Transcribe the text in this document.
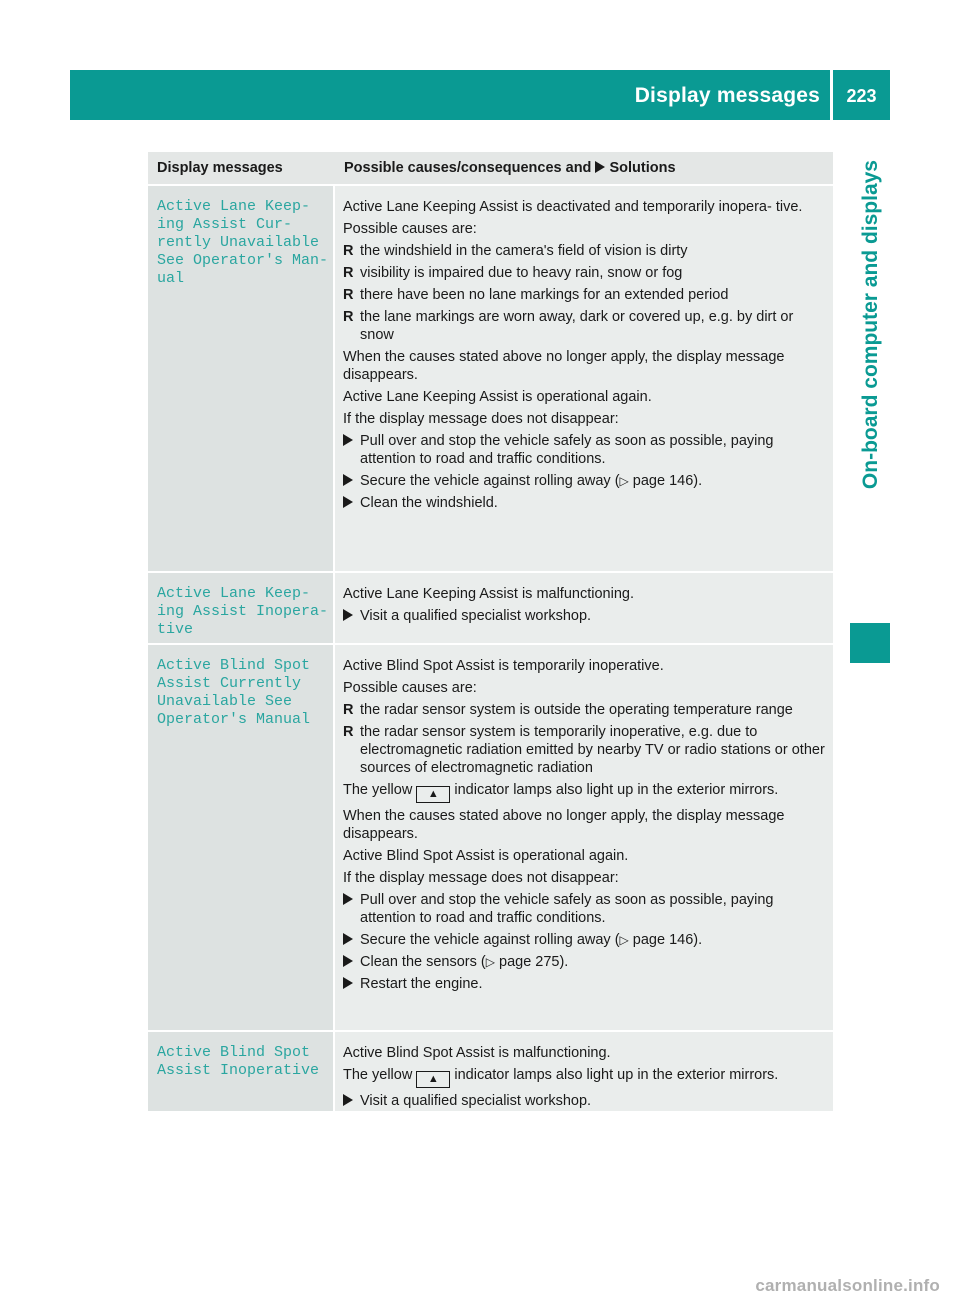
Display messages	223
On-board computer and displays
Display messages	Possible causes/consequences and Solutions
Active Lane Keep‐
ing Assist Cur‐
rently Unavailable
See Operator's Man‐
ual
Active Lane Keeping Assist is deactivated and temporarily inopera‐ tive.
Possible causes are:
R the windshield in the camera's field of vision is dirty
R visibility is impaired due to heavy rain, snow or fog
R there have been no lane markings for an extended period
R the lane markings are worn away, dark or covered up, e.g. by dirt or snow
When the causes stated above no longer apply, the display message disappears.
Active Lane Keeping Assist is operational again.
If the display message does not disappear:
Pull over and stop the vehicle safely as soon as possible, paying attention to road and traffic conditions.
Secure the vehicle against rolling away (▷ page 146).
Clean the windshield.
Active Lane Keep‐
ing Assist Inopera‐
tive
Active Lane Keeping Assist is malfunctioning.
Visit a qualified specialist workshop.
Active Blind Spot
Assist Currently
Unavailable See
Operator's Manual
Active Blind Spot Assist is temporarily inoperative.
Possible causes are:
R the radar sensor system is outside the operating temperature range
R the radar sensor system is temporarily inoperative, e.g. due to electromagnetic radiation emitted by nearby TV or radio stations or other sources of electromagnetic radiation
The yellow ▲ indicator lamps also light up in the exterior mirrors.
When the causes stated above no longer apply, the display message disappears.
Active Blind Spot Assist is operational again.
If the display message does not disappear:
Pull over and stop the vehicle safely as soon as possible, paying attention to road and traffic conditions.
Secure the vehicle against rolling away (▷ page 146).
Clean the sensors (▷ page 275).
Restart the engine.
Active Blind Spot
Assist Inoperative
Active Blind Spot Assist is malfunctioning.
The yellow ▲ indicator lamps also light up in the exterior mirrors.
Visit a qualified specialist workshop.
carmanualsonline.info
